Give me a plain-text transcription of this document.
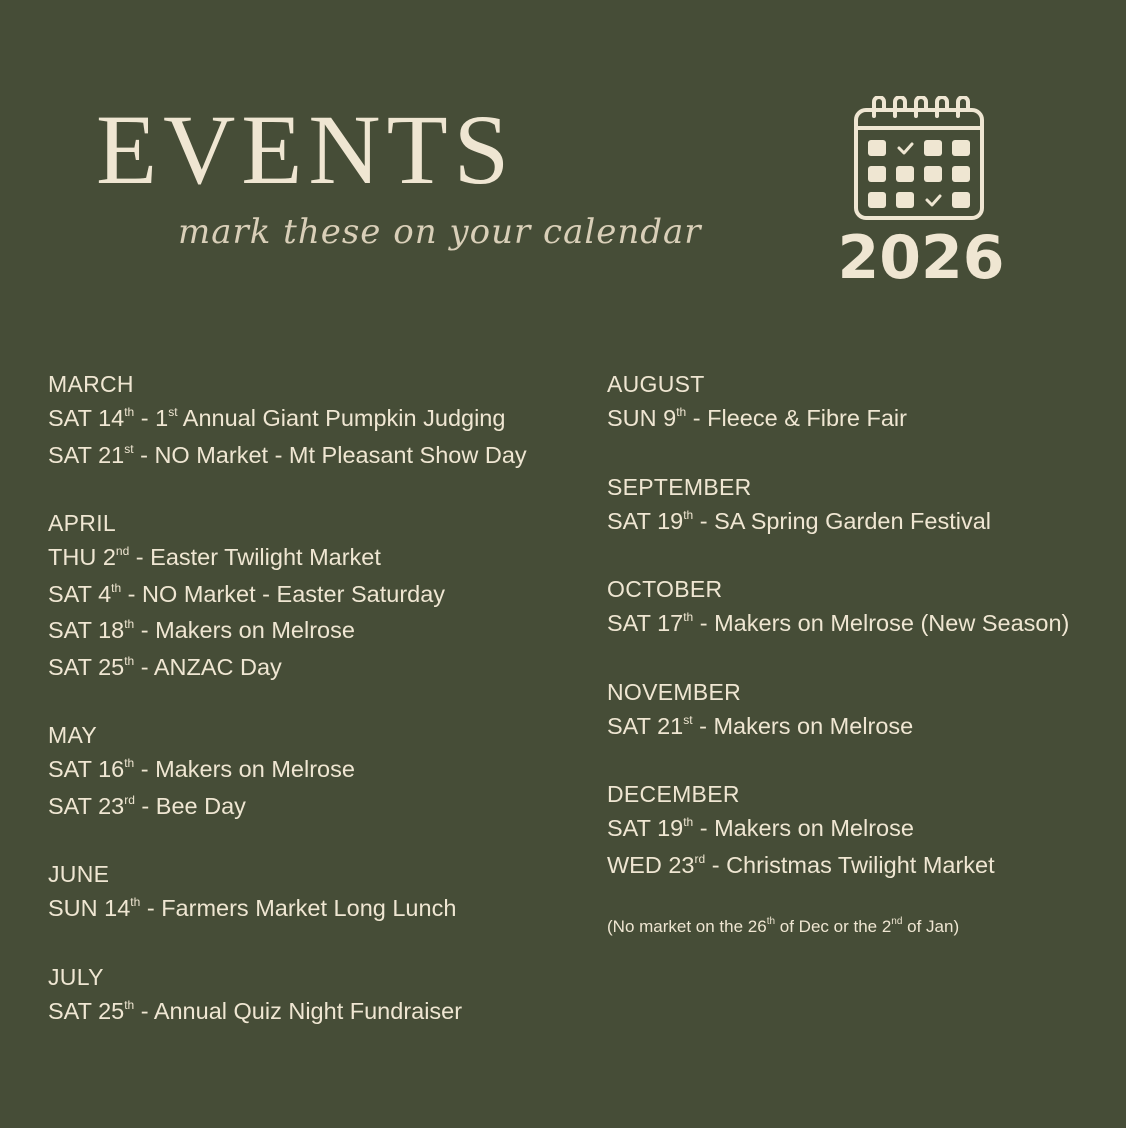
EVENTS
mark these on your calendar 2026
MARCH
SAT 14th - 1st Annual Giant Pumpkin Judging
SAT 21st - NO Market - Mt Pleasant Show Day
APRIL
THU 2nd - Easter Twilight Market
SAT 4th - NO Market - Easter Saturday
SAT 18th - Makers on Melrose
SAT 25th - ANZAC Day
MAY
SAT 16th - Makers on Melrose
SAT 23rd - Bee Day
JUNE
SUN 14th - Farmers Market Long Lunch
JULY
SAT 25th - Annual Quiz Night Fundraiser
AUGUST
SUN 9th - Fleece & Fibre Fair
SEPTEMBER
SAT 19th - SA Spring Garden Festival
OCTOBER
SAT 17th - Makers on Melrose (New Season)
NOVEMBER
SAT 21st - Makers on Melrose
DECEMBER
SAT 19th - Makers on Melrose
WED 23rd - Christmas Twilight Market
(No market on the 26th of Dec or the 2nd of Jan)
